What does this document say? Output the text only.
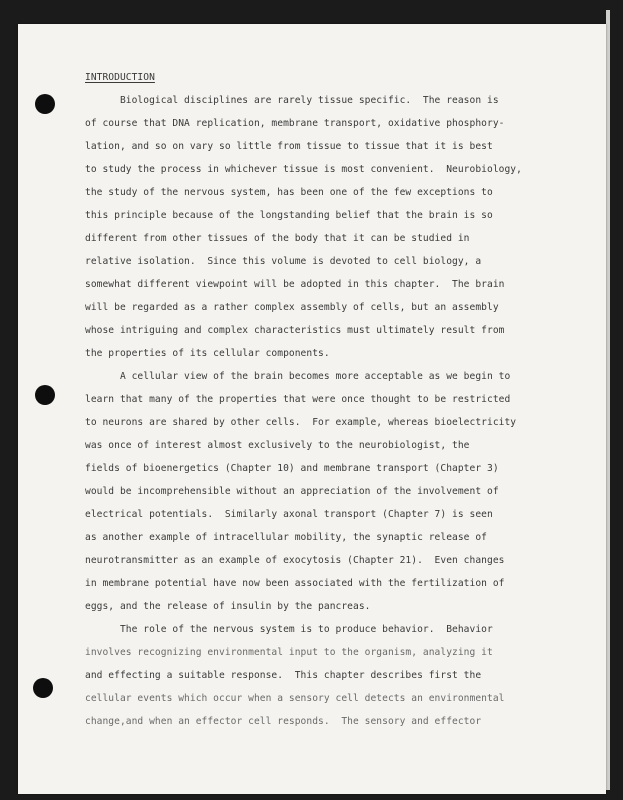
INTRODUCTION
Biological disciplines are rarely tissue specific.  The reason is
of course that DNA replication, membrane transport, oxidative phosphory-
lation, and so on vary so little from tissue to tissue that it is best
to study the process in whichever tissue is most convenient.  Neurobiology,
the study of the nervous system, has been one of the few exceptions to
this principle because of the longstanding belief that the brain is so
different from other tissues of the body that it can be studied in
relative isolation.  Since this volume is devoted to cell biology, a
somewhat different viewpoint will be adopted in this chapter.  The brain
will be regarded as a rather complex assembly of cells, but an assembly
whose intriguing and complex characteristics must ultimately result from
the properties of its cellular components.
A cellular view of the brain becomes more acceptable as we begin to
learn that many of the properties that were once thought to be restricted
to neurons are shared by other cells.  For example, whereas bioelectricity
was once of interest almost exclusively to the neurobiologist, the
fields of bioenergetics (Chapter 10) and membrane transport (Chapter 3)
would be incomprehensible without an appreciation of the involvement of
electrical potentials.  Similarly axonal transport (Chapter 7) is seen
as another example of intracellular mobility, the synaptic release of
neurotransmitter as an example of exocytosis (Chapter 21).  Even changes
in membrane potential have now been associated with the fertilization of
eggs, and the release of insulin by the pancreas.
The role of the nervous system is to produce behavior.  Behavior
involves recognizing environmental input to the organism, analyzing it
and effecting a suitable response.  This chapter describes first the
cellular events which occur when a sensory cell detects an environmental
change,and when an effector cell responds.  The sensory and effector
